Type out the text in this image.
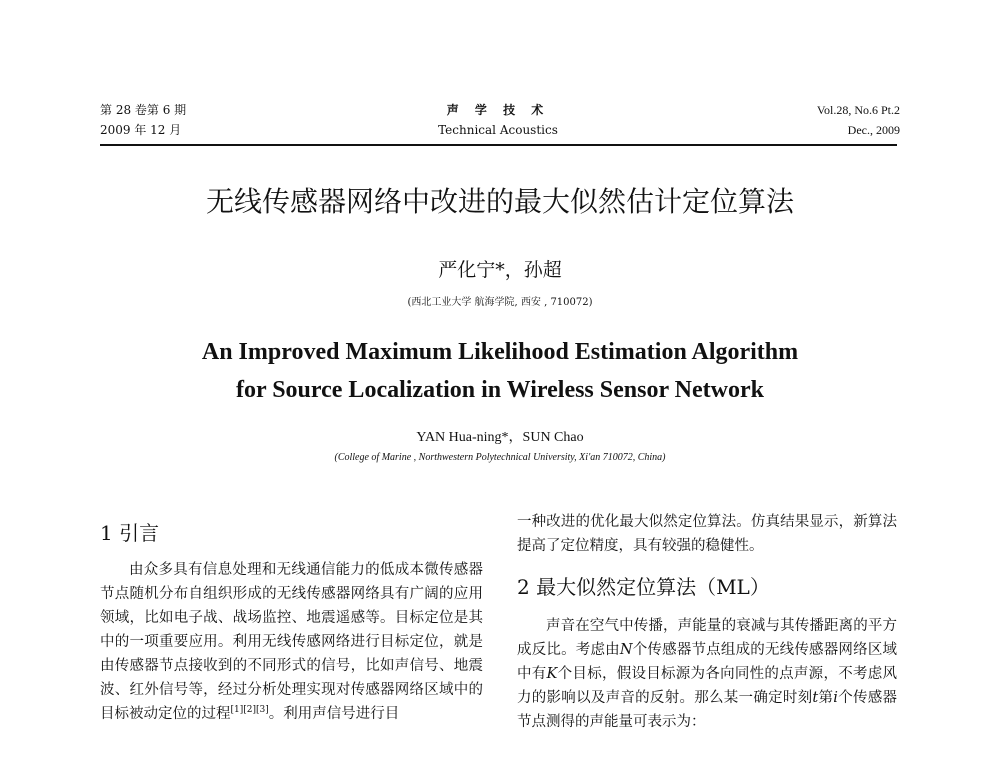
第 28 卷第 6 期
2009 年 12 月
声 学 技 术
Technical Acoustics
Vol.28, No.6 Pt.2
Dec., 2009
无线传感器网络中改进的最大似然估计定位算法
严化宁*，孙超
(西北工业大学 航海学院, 西安 , 710072)
An Improved Maximum Likelihood Estimation Algorithm
for Source Localization in Wireless Sensor Network
YAN Hua-ning*，SUN Chao
(College of Marine , Northwestern Polytechnical University, Xi'an 710072, China)
1 引言

由众多具有信息处理和无线通信能力的低成本微传感器节点随机分布自组织形成的无线传感器网络具有广阔的应用领域，比如电子战、战场监控、地震遥感等。目标定位是其中的一项重要应用。利用无线传感网络进行目标定位，就是由传感器节点接收到的不同形式的信号，比如声信号、地震波、红外信号等，经过分析处理实现对传感器网络区域中的目标被动定位的过程[1][2][3]。利用声信号进行目

一种改进的优化最大似然定位算法。仿真结果显示，新算法提高了定位精度，具有较强的稳健性。

2 最大似然定位算法（ML）

声音在空气中传播，声能量的衰减与其传播距离的平方成反比。考虑由N个传感器节点组成的无线传感器网络区域中有K个目标，假设目标源为各向同性的点声源，不考虑风力的影响以及声音的反射。那么某一确定时刻t第i个传感器节点测得的声能量可表示为：
